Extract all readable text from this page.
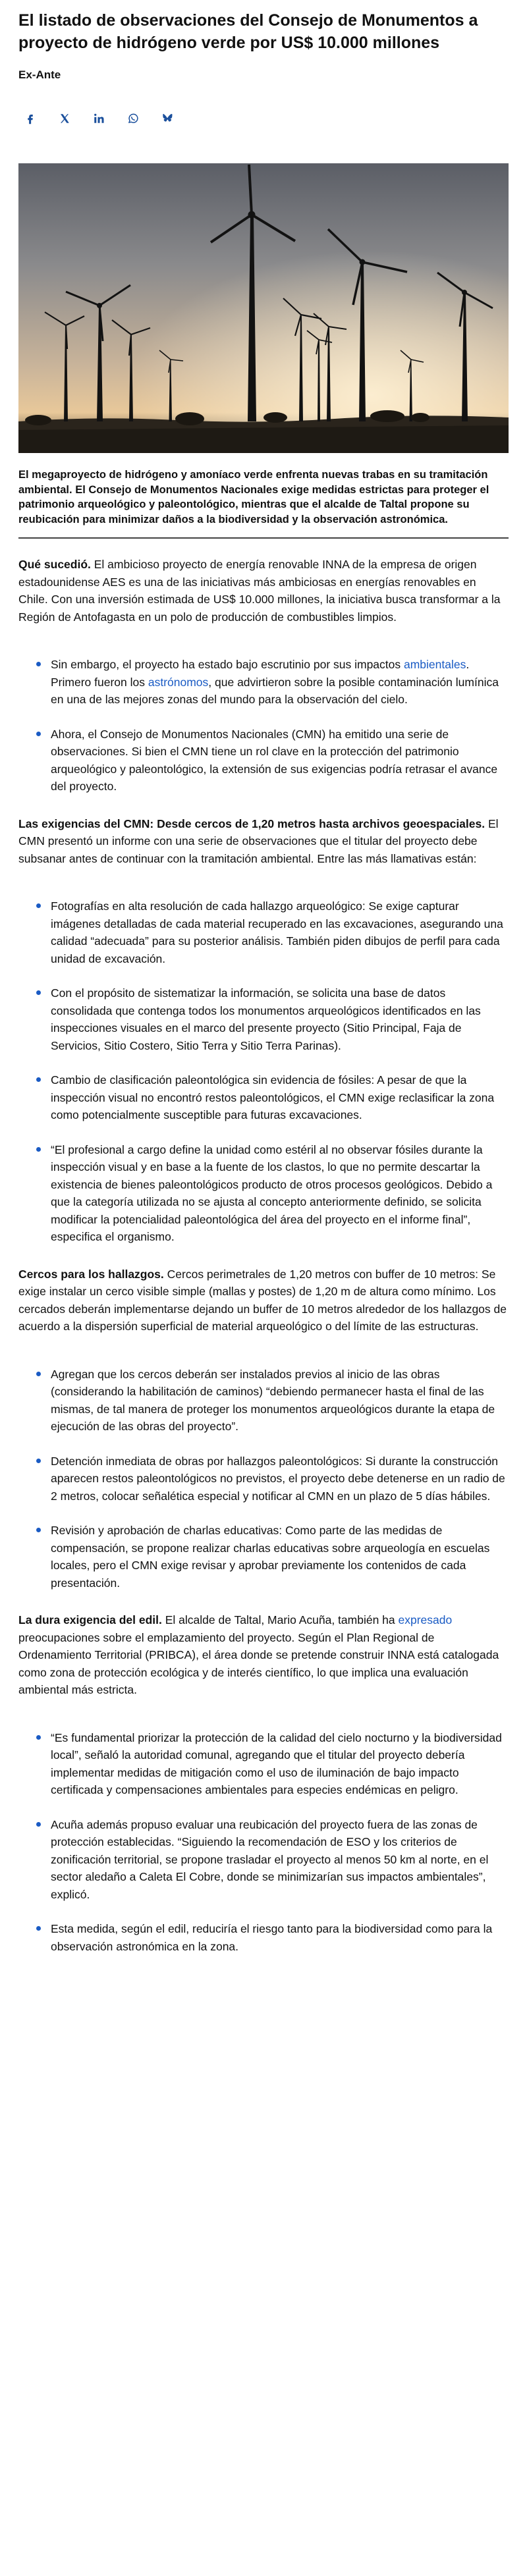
El listado de observaciones del Consejo de Monumentos a proyecto de hidrógeno verde por US$ 10.000 millones
Ex-Ante

El megaproyecto de hidrógeno y amoníaco verde enfrenta nuevas trabas en su tramitación ambiental. El Consejo de Monumentos Nacionales exige medidas estrictas para proteger el patrimonio arqueológico y paleontológico, mientras que el alcalde de Taltal propone su reubicación para minimizar daños a la biodiversidad y la observación astronómica.

Qué sucedió. El ambicioso proyecto de energía renovable INNA de la empresa de origen estadounidense AES es una de las iniciativas más ambiciosas en energías renovables en Chile. Con una inversión estimada de US$ 10.000 millones, la iniciativa busca transformar a la Región de Antofagasta en un polo de producción de combustibles limpios.

Sin embargo, el proyecto ha estado bajo escrutinio por sus impactos ambientales. Primero fueron los astrónomos, que advirtieron sobre la posible contaminación lumínica en una de las mejores zonas del mundo para la observación del cielo.
Ahora, el Consejo de Monumentos Nacionales (CMN) ha emitido una serie de observaciones. Si bien el CMN tiene un rol clave en la protección del patrimonio arqueológico y paleontológico, la extensión de sus exigencias podría retrasar el avance del proyecto.

Las exigencias del CMN: Desde cercos de 1,20 metros hasta archivos geoespaciales. El CMN presentó un informe con una serie de observaciones que el titular del proyecto debe subsanar antes de continuar con la tramitación ambiental. Entre las más llamativas están:

Fotografías en alta resolución de cada hallazgo arqueológico: Se exige capturar imágenes detalladas de cada material recuperado en las excavaciones, asegurando una calidad “adecuada” para su posterior análisis. También piden dibujos de perfil para cada unidad de excavación.
Con el propósito de sistematizar la información, se solicita una base de datos consolidada que contenga todos los monumentos arqueológicos identificados en las inspecciones visuales en el marco del presente proyecto (Sitio Principal, Faja de Servicios, Sitio Costero, Sitio Terra y Sitio Terra Parinas).
Cambio de clasificación paleontológica sin evidencia de fósiles: A pesar de que la inspección visual no encontró restos paleontológicos, el CMN exige reclasificar la zona como potencialmente susceptible para futuras excavaciones.
“El profesional a cargo define la unidad como estéril al no observar fósiles durante la inspección visual y en base a la fuente de los clastos, lo que no permite descartar la existencia de bienes paleontológicos producto de otros procesos geológicos. Debido a que la categoría utilizada no se ajusta al concepto anteriormente definido, se solicita modificar la potencialidad paleontológica del área del proyecto en el informe final”, especifica el organismo.

Cercos para los hallazgos. Cercos perimetrales de 1,20 metros con buffer de 10 metros: Se exige instalar un cerco visible simple (mallas y postes) de 1,20 m de altura como mínimo. Los cercados deberán implementarse dejando un buffer de 10 metros alrededor de los hallazgos de acuerdo a la dispersión superficial de material arqueológico o del límite de las estructuras.

Agregan que los cercos deberán ser instalados previos al inicio de las obras (considerando la habilitación de caminos) “debiendo permanecer hasta el final de las mismas, de tal manera de proteger los monumentos arqueológicos durante la etapa de ejecución de las obras del proyecto”.
Detención inmediata de obras por hallazgos paleontológicos: Si durante la construcción aparecen restos paleontológicos no previstos, el proyecto debe detenerse en un radio de 2 metros, colocar señalética especial y notificar al CMN en un plazo de 5 días hábiles.
Revisión y aprobación de charlas educativas: Como parte de las medidas de compensación, se propone realizar charlas educativas sobre arqueología en escuelas locales, pero el CMN exige revisar y aprobar previamente los contenidos de cada presentación.

La dura exigencia del edil. El alcalde de Taltal, Mario Acuña, también ha expresado preocupaciones sobre el emplazamiento del proyecto. Según el Plan Regional de Ordenamiento Territorial (PRIBCA), el área donde se pretende construir INNA está catalogada como zona de protección ecológica y de interés científico, lo que implica una evaluación ambiental más estricta.

“Es fundamental priorizar la protección de la calidad del cielo nocturno y la biodiversidad local”, señaló la autoridad comunal, agregando que el titular del proyecto debería implementar medidas de mitigación como el uso de iluminación de bajo impacto certificada y compensaciones ambientales para especies endémicas en peligro.
Acuña además propuso evaluar una reubicación del proyecto fuera de las zonas de protección establecidas. “Siguiendo la recomendación de ESO y los criterios de zonificación territorial, se propone trasladar el proyecto al menos 50 km al norte, en el sector aledaño a Caleta El Cobre, donde se minimizarían sus impactos ambientales”, explicó.
Esta medida, según el edil, reduciría el riesgo tanto para la biodiversidad como para la observación astronómica en la zona.
